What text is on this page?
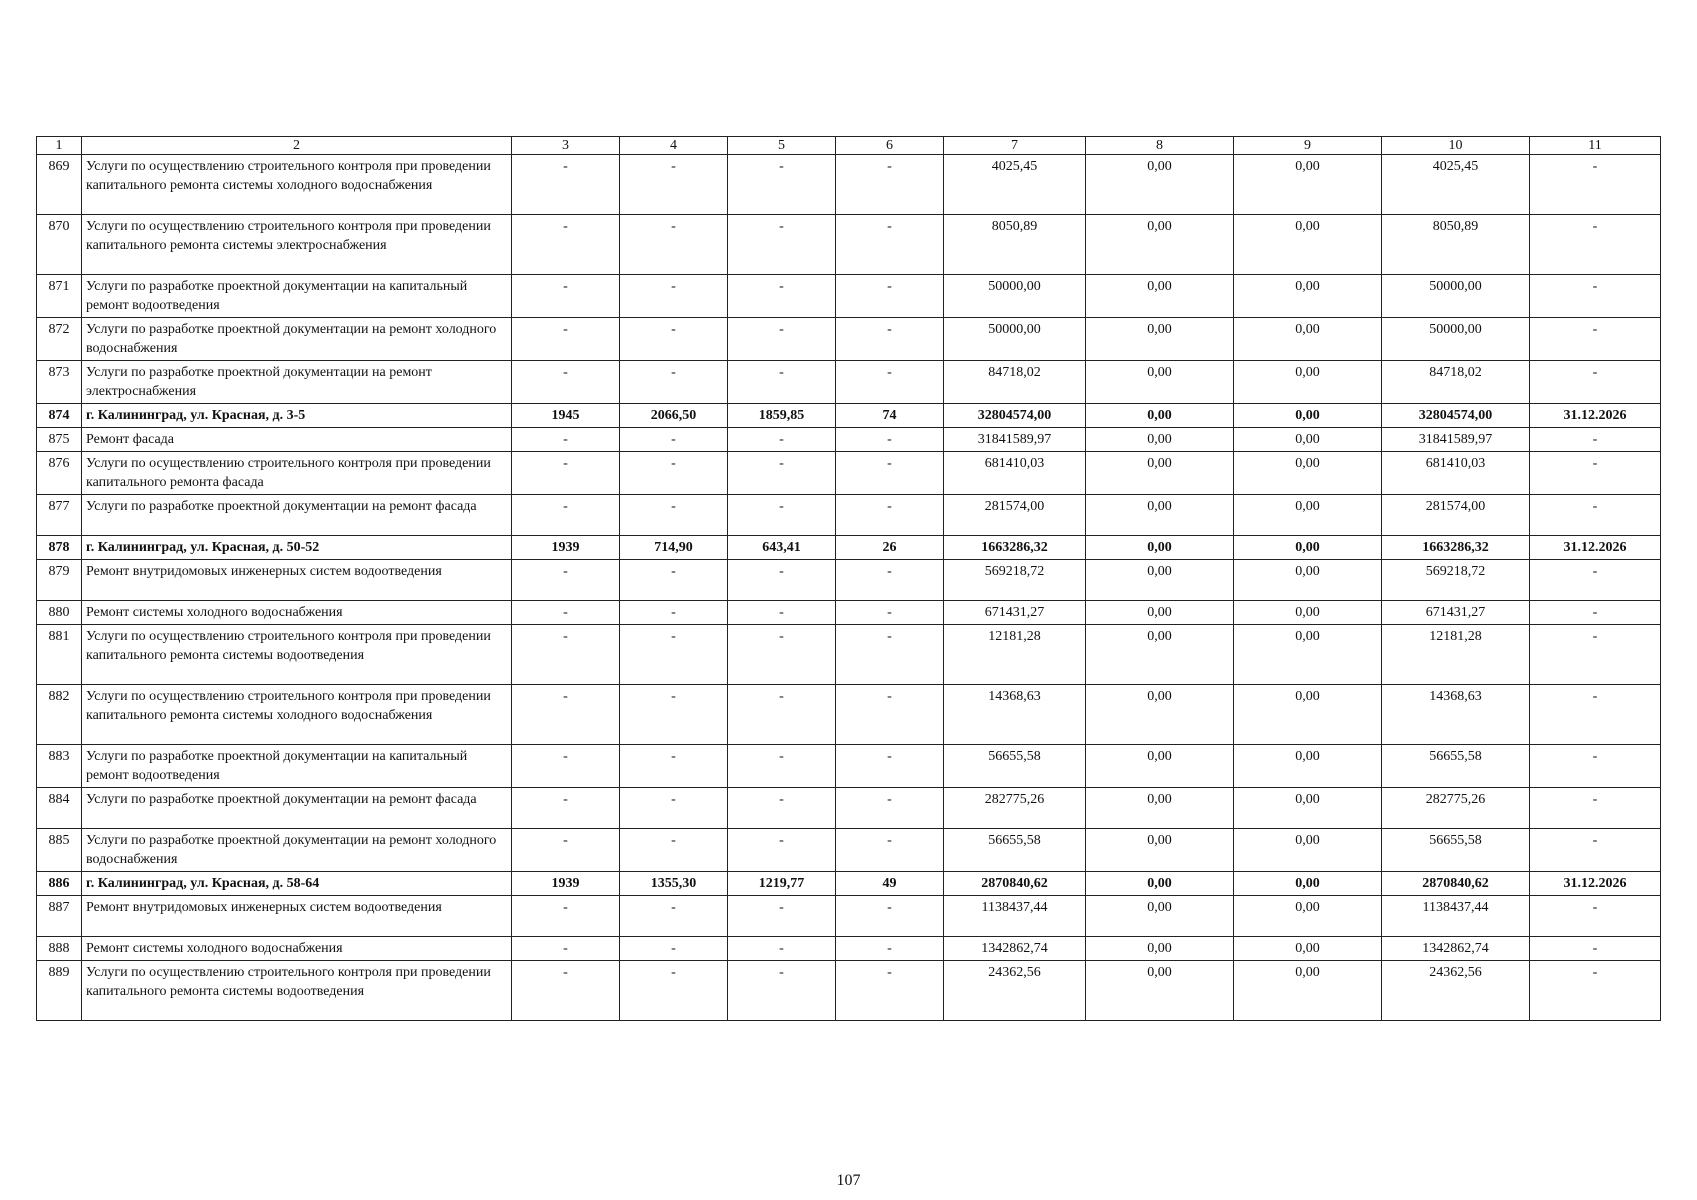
1	2	3	4	5	6	7	8	9	10	11
869	Услуги по осуществлению строительного контроля при проведении капитального ремонта системы холодного водоснабжения	-	-	-	-	4025,45	0,00	0,00	4025,45	-
870	Услуги по осуществлению строительного контроля при проведении капитального ремонта системы электроснабжения	-	-	-	-	8050,89	0,00	0,00	8050,89	-
871	Услуги по разработке проектной документации на капитальный ремонт водоотведения	-	-	-	-	50000,00	0,00	0,00	50000,00	-
872	Услуги по разработке проектной документации на ремонт холодного водоснабжения	-	-	-	-	50000,00	0,00	0,00	50000,00	-
873	Услуги по разработке проектной документации на ремонт электроснабжения	-	-	-	-	84718,02	0,00	0,00	84718,02	-
874	г. Калининград, ул. Красная, д. 3-5	1945	2066,50	1859,85	74	32804574,00	0,00	0,00	32804574,00	31.12.2026
875	Ремонт фасада	-	-	-	-	31841589,97	0,00	0,00	31841589,97	-
876	Услуги по осуществлению строительного контроля при проведении капитального ремонта фасада	-	-	-	-	681410,03	0,00	0,00	681410,03	-
877	Услуги по разработке проектной документации на ремонт фасада	-	-	-	-	281574,00	0,00	0,00	281574,00	-
878	г. Калининград, ул. Красная, д. 50-52	1939	714,90	643,41	26	1663286,32	0,00	0,00	1663286,32	31.12.2026
879	Ремонт внутридомовых инженерных систем водоотведения	-	-	-	-	569218,72	0,00	0,00	569218,72	-
880	Ремонт системы холодного водоснабжения	-	-	-	-	671431,27	0,00	0,00	671431,27	-
881	Услуги по осуществлению строительного контроля при проведении капитального ремонта системы водоотведения	-	-	-	-	12181,28	0,00	0,00	12181,28	-
882	Услуги по осуществлению строительного контроля при проведении капитального ремонта системы холодного водоснабжения	-	-	-	-	14368,63	0,00	0,00	14368,63	-
883	Услуги по разработке проектной документации на капитальный ремонт водоотведения	-	-	-	-	56655,58	0,00	0,00	56655,58	-
884	Услуги по разработке проектной документации на ремонт фасада	-	-	-	-	282775,26	0,00	0,00	282775,26	-
885	Услуги по разработке проектной документации на ремонт холодного водоснабжения	-	-	-	-	56655,58	0,00	0,00	56655,58	-
886	г. Калининград, ул. Красная, д. 58-64	1939	1355,30	1219,77	49	2870840,62	0,00	0,00	2870840,62	31.12.2026
887	Ремонт внутридомовых инженерных систем водоотведения	-	-	-	-	1138437,44	0,00	0,00	1138437,44	-
888	Ремонт системы холодного водоснабжения	-	-	-	-	1342862,74	0,00	0,00	1342862,74	-
889	Услуги по осуществлению строительного контроля при проведении капитального ремонта системы водоотведения	-	-	-	-	24362,56	0,00	0,00	24362,56	-
107
